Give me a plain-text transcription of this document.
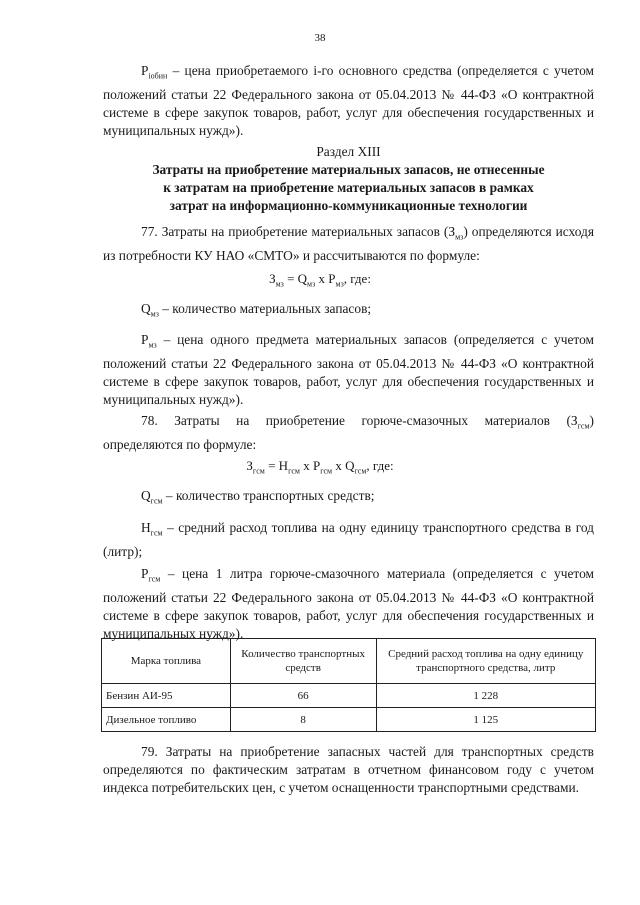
38

$P_{iобин}$ – цена приобретаемого i-го основного средства (определяется с учетом положений статьи 22 Федерального закона от 05.04.2013 № 44-ФЗ «О контрактной системе в сфере закупок товаров, работ, услуг для обеспечения государственных и муниципальных нужд»).

Раздел XIII

Затраты на приобретение материальных запасов, не отнесенные

к затратам на приобретение материальных запасов в рамках

затрат на информационно-коммуникационные технологии

77. Затраты на приобретение материальных запасов $(З_{мз})$ определяются исходя из потребности КУ НАО «СМТО» и рассчитываются по формуле:

$З_{мз} = Q_{мз}$ x $P_{мз}$, где:

$Q_{мз}$ – количество материальных запасов;

$P_{мз}$ – цена одного предмета материальных запасов (определяется с учетом положений статьи 22 Федерального закона от 05.04.2013 № 44-ФЗ «О контрактной системе в сфере закупок товаров, работ, услуг для обеспечения государственных и муниципальных нужд»).

78. Затраты на приобретение горюче-смазочных материалов $(З_{гсм})$ определяются по формуле:

$З_{гсм} = Н_{гсм}$ x $Р_{гсм}$ x $Q_{гсм}$, где:

$Q_{гсм}$ – количество транспортных средств;

$Н_{гсм}$ – средний расход топлива на одну единицу транспортного средства в год (литр);

$Р_{гсм}$ – цена 1 литра горюче-смазочного материала (определяется с учетом положений статьи 22 Федерального закона от 05.04.2013 № 44-ФЗ «О контрактной системе в сфере закупок товаров, работ, услуг для обеспечения государственных и муниципальных нужд»).

Марка топлива	Количество транспортных средств	Средний расход топлива на одну единицу транспортного средства, литр
Бензин АИ-95	66	1 228
Дизельное топливо	8	1 125

79. Затраты на приобретение запасных частей для транспортных средств определяются по фактическим затратам в отчетном финансовом году с учетом индекса потребительских цен, с учетом оснащенности транспортными средствами.
